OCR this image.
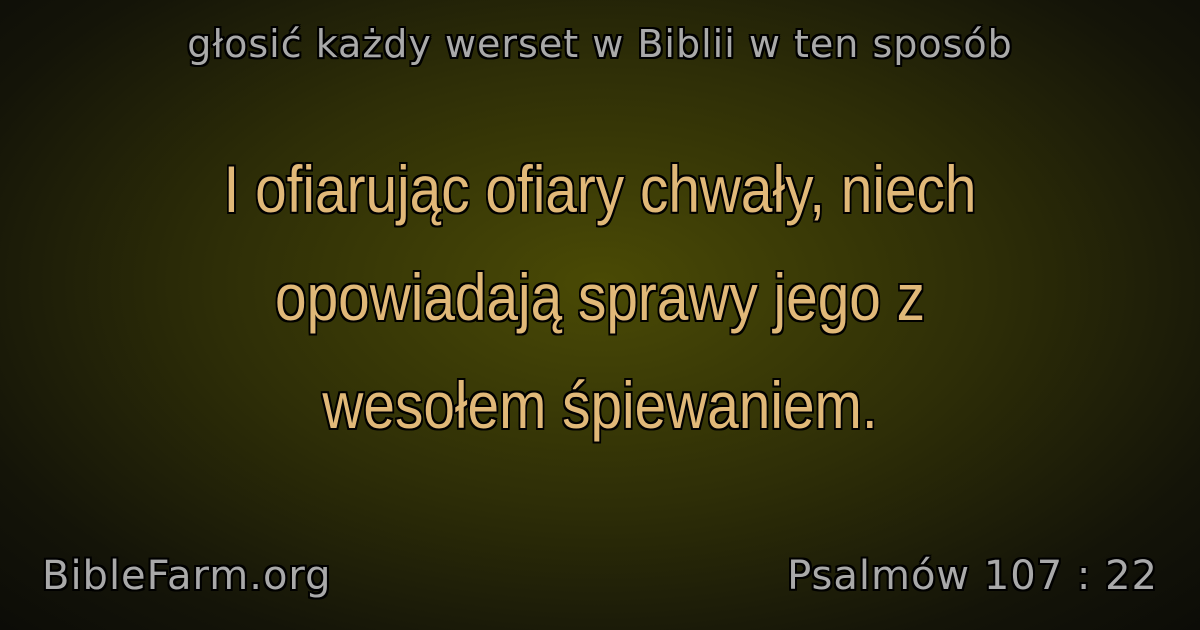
głosić każdy werset w Biblii w ten sposób
I ofiarując ofiary chwały, niech
opowiadają sprawy jego z
wesołem śpiewaniem.
BibleFarm.org	Psalmów 107 : 22
